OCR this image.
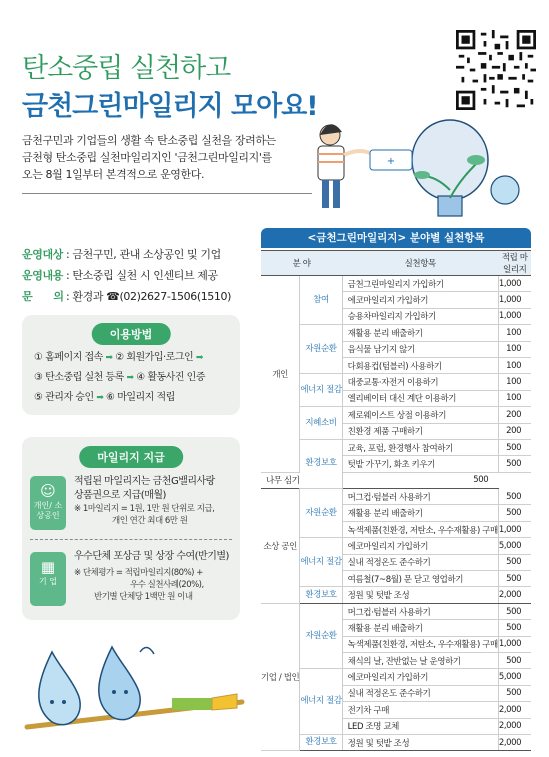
탄소중립 실천하고
금천그린마일리지 모아요!
금천구민과 기업들의 생활 속 탄소중립 실천을 장려하는
금천형 탄소중립 실천마일리지인 '금천그린마일리지'를
오는 8월 1일부터 본격적으로 운영한다.
+
운영대상 : 금천구민, 관내 소상공인 및 기업
운영내용 : 탄소중립 실천 시 인센티브 제공
문　　의 : 환경과 ☎(02)2627-1506(1510)
이용방법
① 홈페이지 접속 ➡ ② 회원가입·로그인 ➡
③ 탄소중립 실천 등록 ➡ ④ 활동사진 인증
⑤ 관리자 승인 ➡ ⑥ 마일리지 적립
마일리지 지급
☺
개인/ 소상공인
적립된 마일리지는 금천G밸리사랑
상품권으로 지급(매월)
※ 1마일리지 = 1원, 1만 원 단위로 지급,
개인 연간 최대 6만 원
▦
기 업
우수단체 포상금 및 상장 수여(반기별)
※ 단체평가 = 적립마일리지(80%) +
우수 실천사례(20%),
반기별 단체당 1백만 원 이내
<금천그린마일리지> 분야별 실천항목
분 야		실천항목	적립 마일리지
개인	참여	금천그린마일리지 가입하기	1,000
		에코마일리지 가입하기	1,000
		승용차마일리지 가입하기	1,000
	자원순환	재활용 분리 배출하기	100
		음식물 남기지 않기	100
		다회용컵(텀블러) 사용하기	100
	에너지 절감	대중교통·자전거 이용하기	100
		엘리베이터 대신 계단 이용하기	100
	지혜소비	제로웨이스트 상점 이용하기	200
		친환경 제품 구매하기	200
	환경보호	교육, 포럼, 환경행사 참여하기	500
		텃밭 가꾸기, 화초 키우기	500
나무 심기		500	
소상 공인	자원순환	머그컵·텀블러 사용하기	500
		재활용 분리 배출하기	500
		녹색제품(친환경, 저탄소, 우수재활용) 구매	1,000
	에너지 절감	에코마일리지 가입하기	5,000
		실내 적정온도 준수하기	500
		여름철(7~8월) 문 닫고 영업하기	500
	환경보호	정원 및 텃밭 조성	2,000
기업 / 법인	자원순환	머그컵·텀블러 사용하기	500
		재활용 분리 배출하기	500
		녹색제품(친환경, 저탄소, 우수재활용) 구매	1,000
		채식의 날, 잔반없는 날 운영하기	500
	에너지 절감	에코마일리지 가입하기	5,000
		실내 적정온도 준수하기	500
		전기차 구매	2,000
		LED 조명 교체	2,000
	환경보호	정원 및 텃밭 조성	2,000
